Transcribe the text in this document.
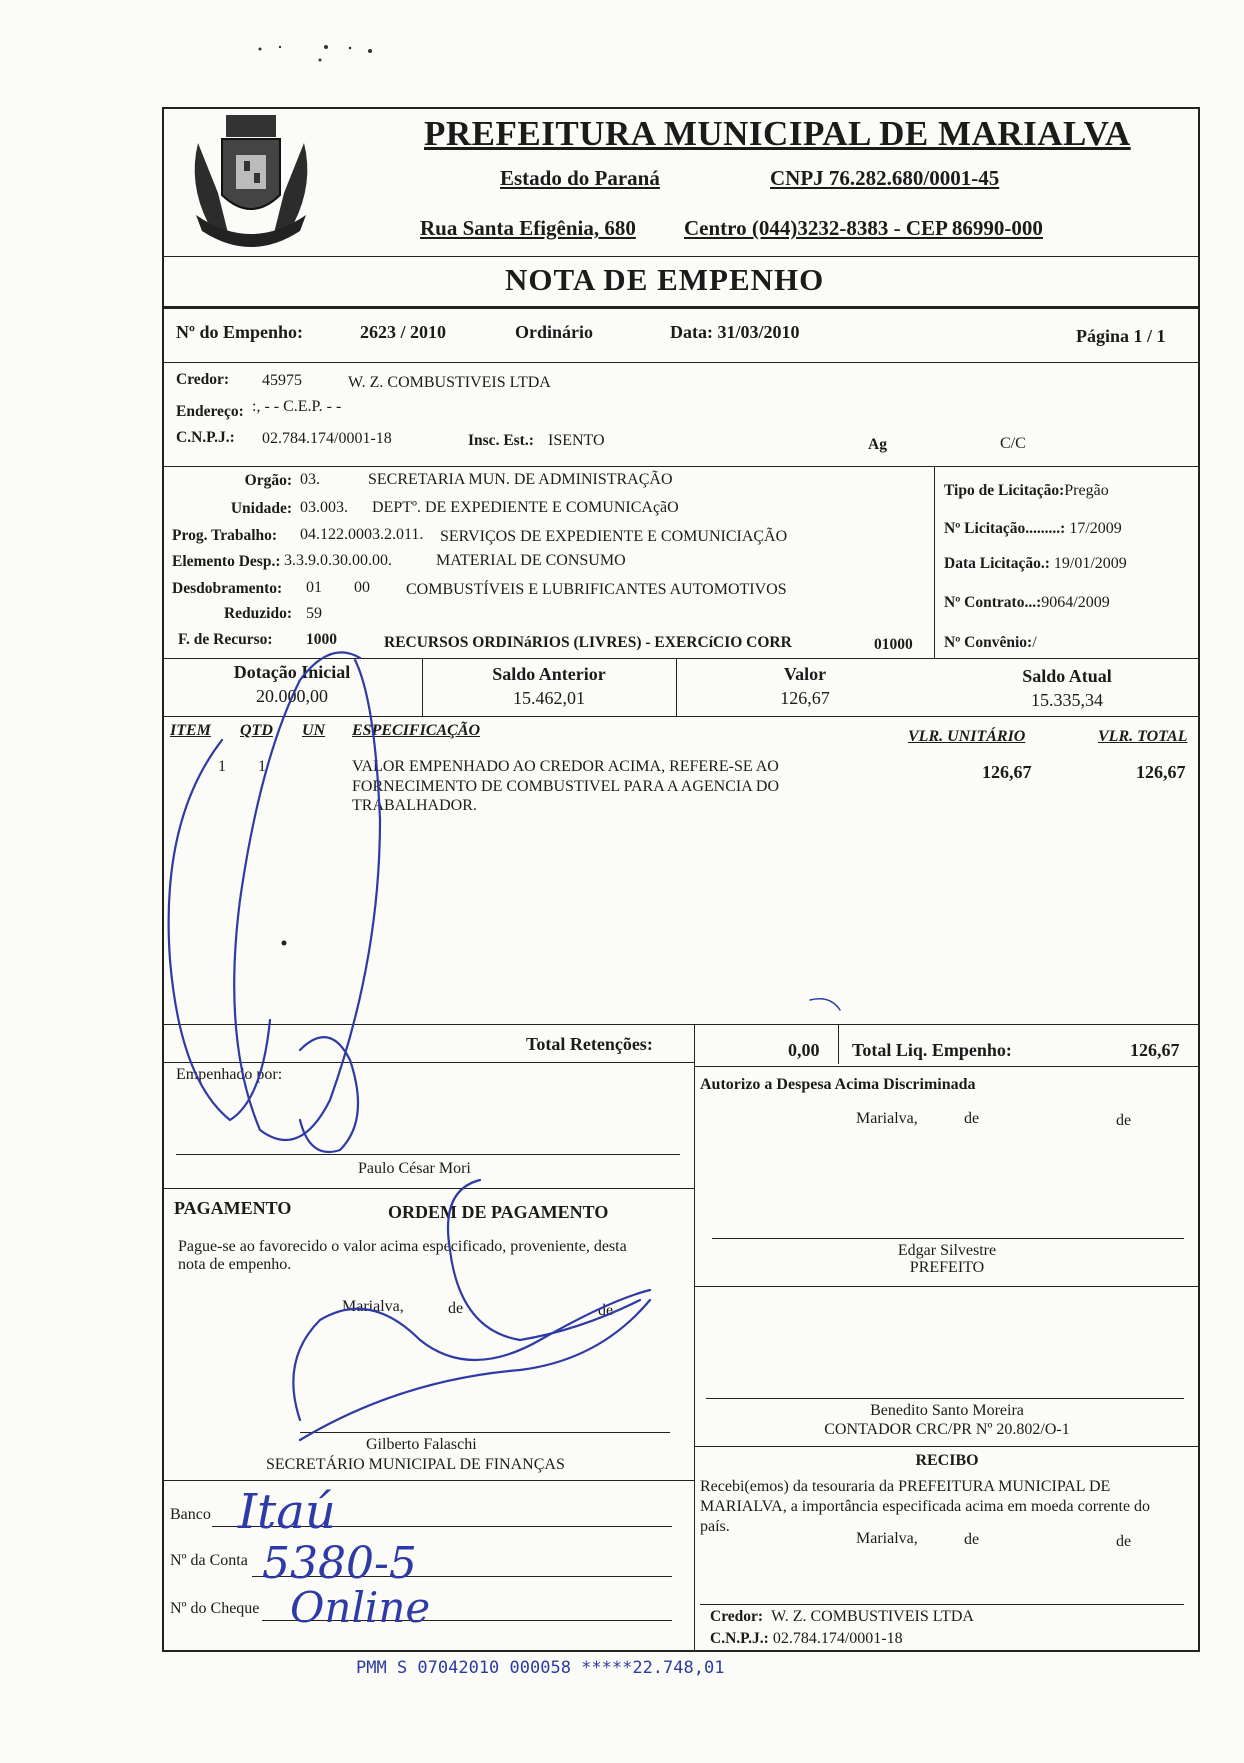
PREFEITURA MUNICIPAL DE MARIALVA
Estado do Paraná	CNPJ 76.282.680/0001-45
Rua Santa Efigênia, 680 Centro (044)3232-8383 - CEP 86990-000
NOTA DE EMPENHO
Nº do Empenho:	2623 / 2010	Ordinário	Data: 31/03/2010	Página 1 / 1
Credor: 45975	W. Z. COMBUSTIVEIS LTDA
Endereço: :, - - C.E.P. - -
C.N.P.J.: 02.784.174/0001-18	Insc. Est.: ISENTO	Ag	C/C
Orgão: 03.	SECRETARIA MUN. DE ADMINISTRAÇÃO
Unidade: 03.003. DEPTº. DE EXPEDIENTE E COMUNICAçãO
Prog. Trabalho: 04.122.0003.2.011. SERVIÇOS DE EXPEDIENTE E COMUNICIAÇÃO
Elemento Desp.: 3.3.9.0.30.00.00.	MATERIAL DE CONSUMO
Desdobramento: 01 00 COMBUSTÍVEIS E LUBRIFICANTES AUTOMOTIVOS
Reduzido: 59
F. de Recurso: 1000	RECURSOS ORDINáRIOS (LIVRES) - EXERCíCIO CORR	01000
Tipo de Licitação:Pregão
Nº Licitação.........: 17/2009
Data Licitação.: 19/01/2009
Nº Contrato...:9064/2009
Nº Convênio:/
Dotação Inicial
20.000,00
Saldo Anterior
15.462,01
Valor
126,67
Saldo Atual
15.335,34
ITEM QTD UN ESPECIFICAÇÃO	VLR. UNITÁRIO	VLR. TOTAL
1 1	VALOR EMPENHADO AO CREDOR ACIMA, REFERE-SE AO
FORNECIMENTO DE COMBUSTIVEL PARA A AGENCIA DO
TRABALHADOR.
126,67	126,67
Total Retenções:	0,00 Total Liq. Empenho:	126,67
Empenhado por:
Paulo César Mori
PAGAMENTO	ORDEM DE PAGAMENTO
Pague-se ao favorecido o valor acima especificado, proveniente, desta
nota de empenho.
Marialva,	de	de
Gilberto Falaschi
SECRETÁRIO MUNICIPAL DE FINANÇAS
Banco
Nº da Conta
Nº do Cheque
Autorizo a Despesa Acima Discriminada
Marialva,	de	de
Edgar Silvestre
PREFEITO
Benedito Santo Moreira
CONTADOR CRC/PR Nº 20.802/O-1
RECIBO
Recebi(emos) da tesouraria da PREFEITURA MUNICIPAL DE
MARIALVA, a importância especificada acima em moeda corrente do
país.
Marialva,	de	de
Credor: W. Z. COMBUSTIVEIS LTDA
C.N.P.J.: 02.784.174/0001-18
PMM S 07042010 000058 *****22.748,01
Itaú
5380-5
Online
